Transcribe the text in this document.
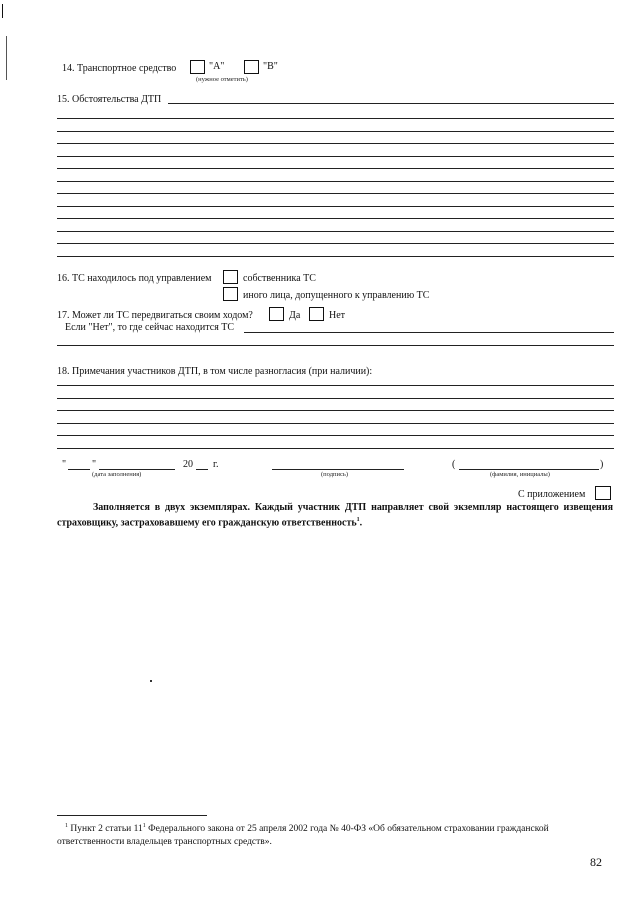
14. Транспортное средство	"А"	"В"
(нужное отметить)
15. Обстоятельства ДТП
16. ТС находилось под управлением	собственника ТС
иного лица, допущенного к управлению ТС
17. Может ли ТС передвигаться своим ходом?	Да	Нет
Если "Нет", то где сейчас находится ТС
18. Примечания участников ДТП, в том числе разногласия (при наличии):
"	"	20 г.
(дата заполнения)	(подпись)
(	)
(фамилия, инициалы)
С приложением
Заполняется в двух экземплярах. Каждый участник ДТП направляет свой экземпляр настоящего извещения страховщику, застраховавшему его гражданскую ответственность$^1$.
$^1$ Пункт 2 статьи $11^1$ Федерального закона от 25 апреля 2002 года № 40-ФЗ «Об обязательном страховании гражданской ответственности владельцев транспортных средств».
82
